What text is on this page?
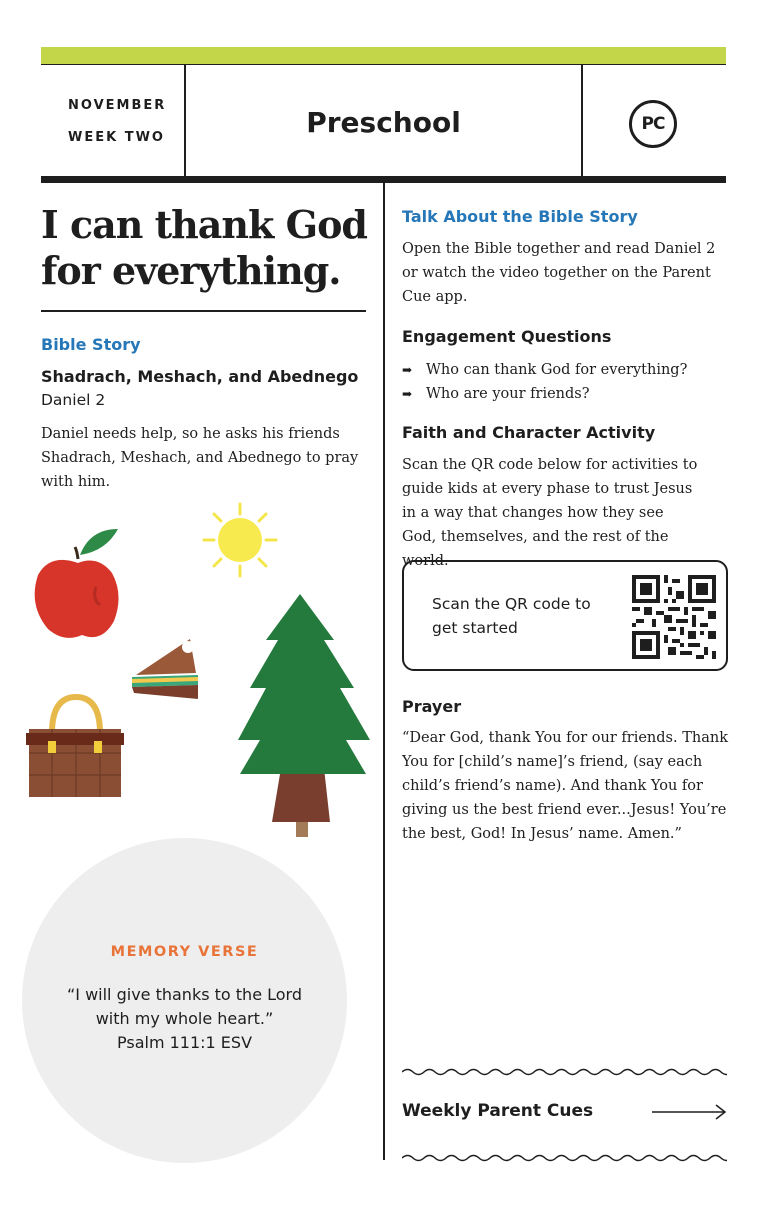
NOVEMBER
WEEK TWO	Preschool	PC
I can thank God for everything.
Bible Story
Shadrach, Meshach, and Abednego
Daniel 2
Daniel needs help, so he asks his friends Shadrach, Meshach, and Abednego to pray with him.
MEMORY VERSE
“I will give thanks to the Lord with my whole heart.”
Psalm 111:1 ESV
Talk About the Bible Story
Open the Bible together and read Daniel 2 or watch the video together on the Parent Cue app.
Engagement Questions
➡ Who can thank God for everything?
➡ Who are your friends?
Faith and Character Activity
Scan the QR code below for activities to guide kids at every phase to trust Jesus in a way that changes how they see God, themselves, and the rest of the world.
Scan the QR code to get started
Prayer
“Dear God, thank You for our friends. Thank You for [child’s name]’s friend, (say each child’s friend’s name). And thank You for giving us the best friend ever...Jesus! You’re the best, God! In Jesus’ name. Amen.”
Weekly Parent Cues
